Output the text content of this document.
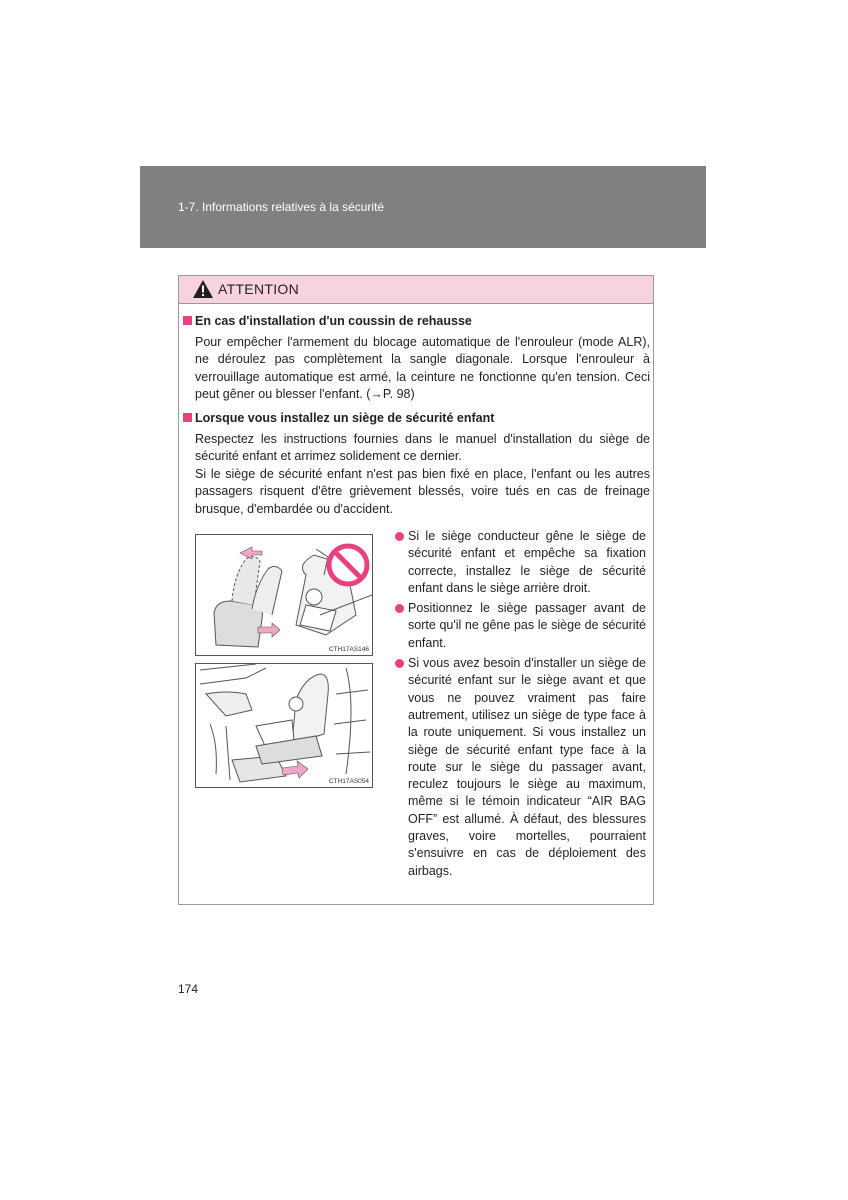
1-7. Informations relatives à la sécurité
ATTENTION
En cas d'installation d'un coussin de rehausse
Pour empêcher l'armement du blocage automatique de l'enrouleur (mode ALR), ne déroulez pas complètement la sangle diagonale. Lorsque l'enrouleur à verrouillage automatique est armé, la ceinture ne fonctionne qu'en tension. Ceci peut gêner ou blesser l'enfant. (→P. 98)
Lorsque vous installez un siège de sécurité enfant
Respectez les instructions fournies dans le manuel d'installation du siège de sécurité enfant et arrimez solidement ce dernier.
Si le siège de sécurité enfant n'est pas bien fixé en place, l'enfant ou les autres passagers risquent d'être grièvement blessés, voire tués en cas de freinage brusque, d'embardée ou d'accident.
CTH17AS146
CTH17AS054
Si le siège conducteur gêne le siège de sécurité enfant et empêche sa fixation correcte, installez le siège de sécurité enfant dans le siège arrière droit.
Positionnez le siège passager avant de sorte qu'il ne gêne pas le siège de sécurité enfant.
Si vous avez besoin d'installer un siège de sécurité enfant sur le siège avant et que vous ne pouvez vraiment pas faire autrement, utilisez un siège de type face à la route uniquement. Si vous installez un siège de sécurité enfant type face à la route sur le siège du passager avant, reculez toujours le siège au maximum, même si le témoin indicateur “AIR BAG OFF” est allumé. À défaut, des blessures graves, voire mortelles, pourraient s'ensuivre en cas de déploiement des airbags.
174
